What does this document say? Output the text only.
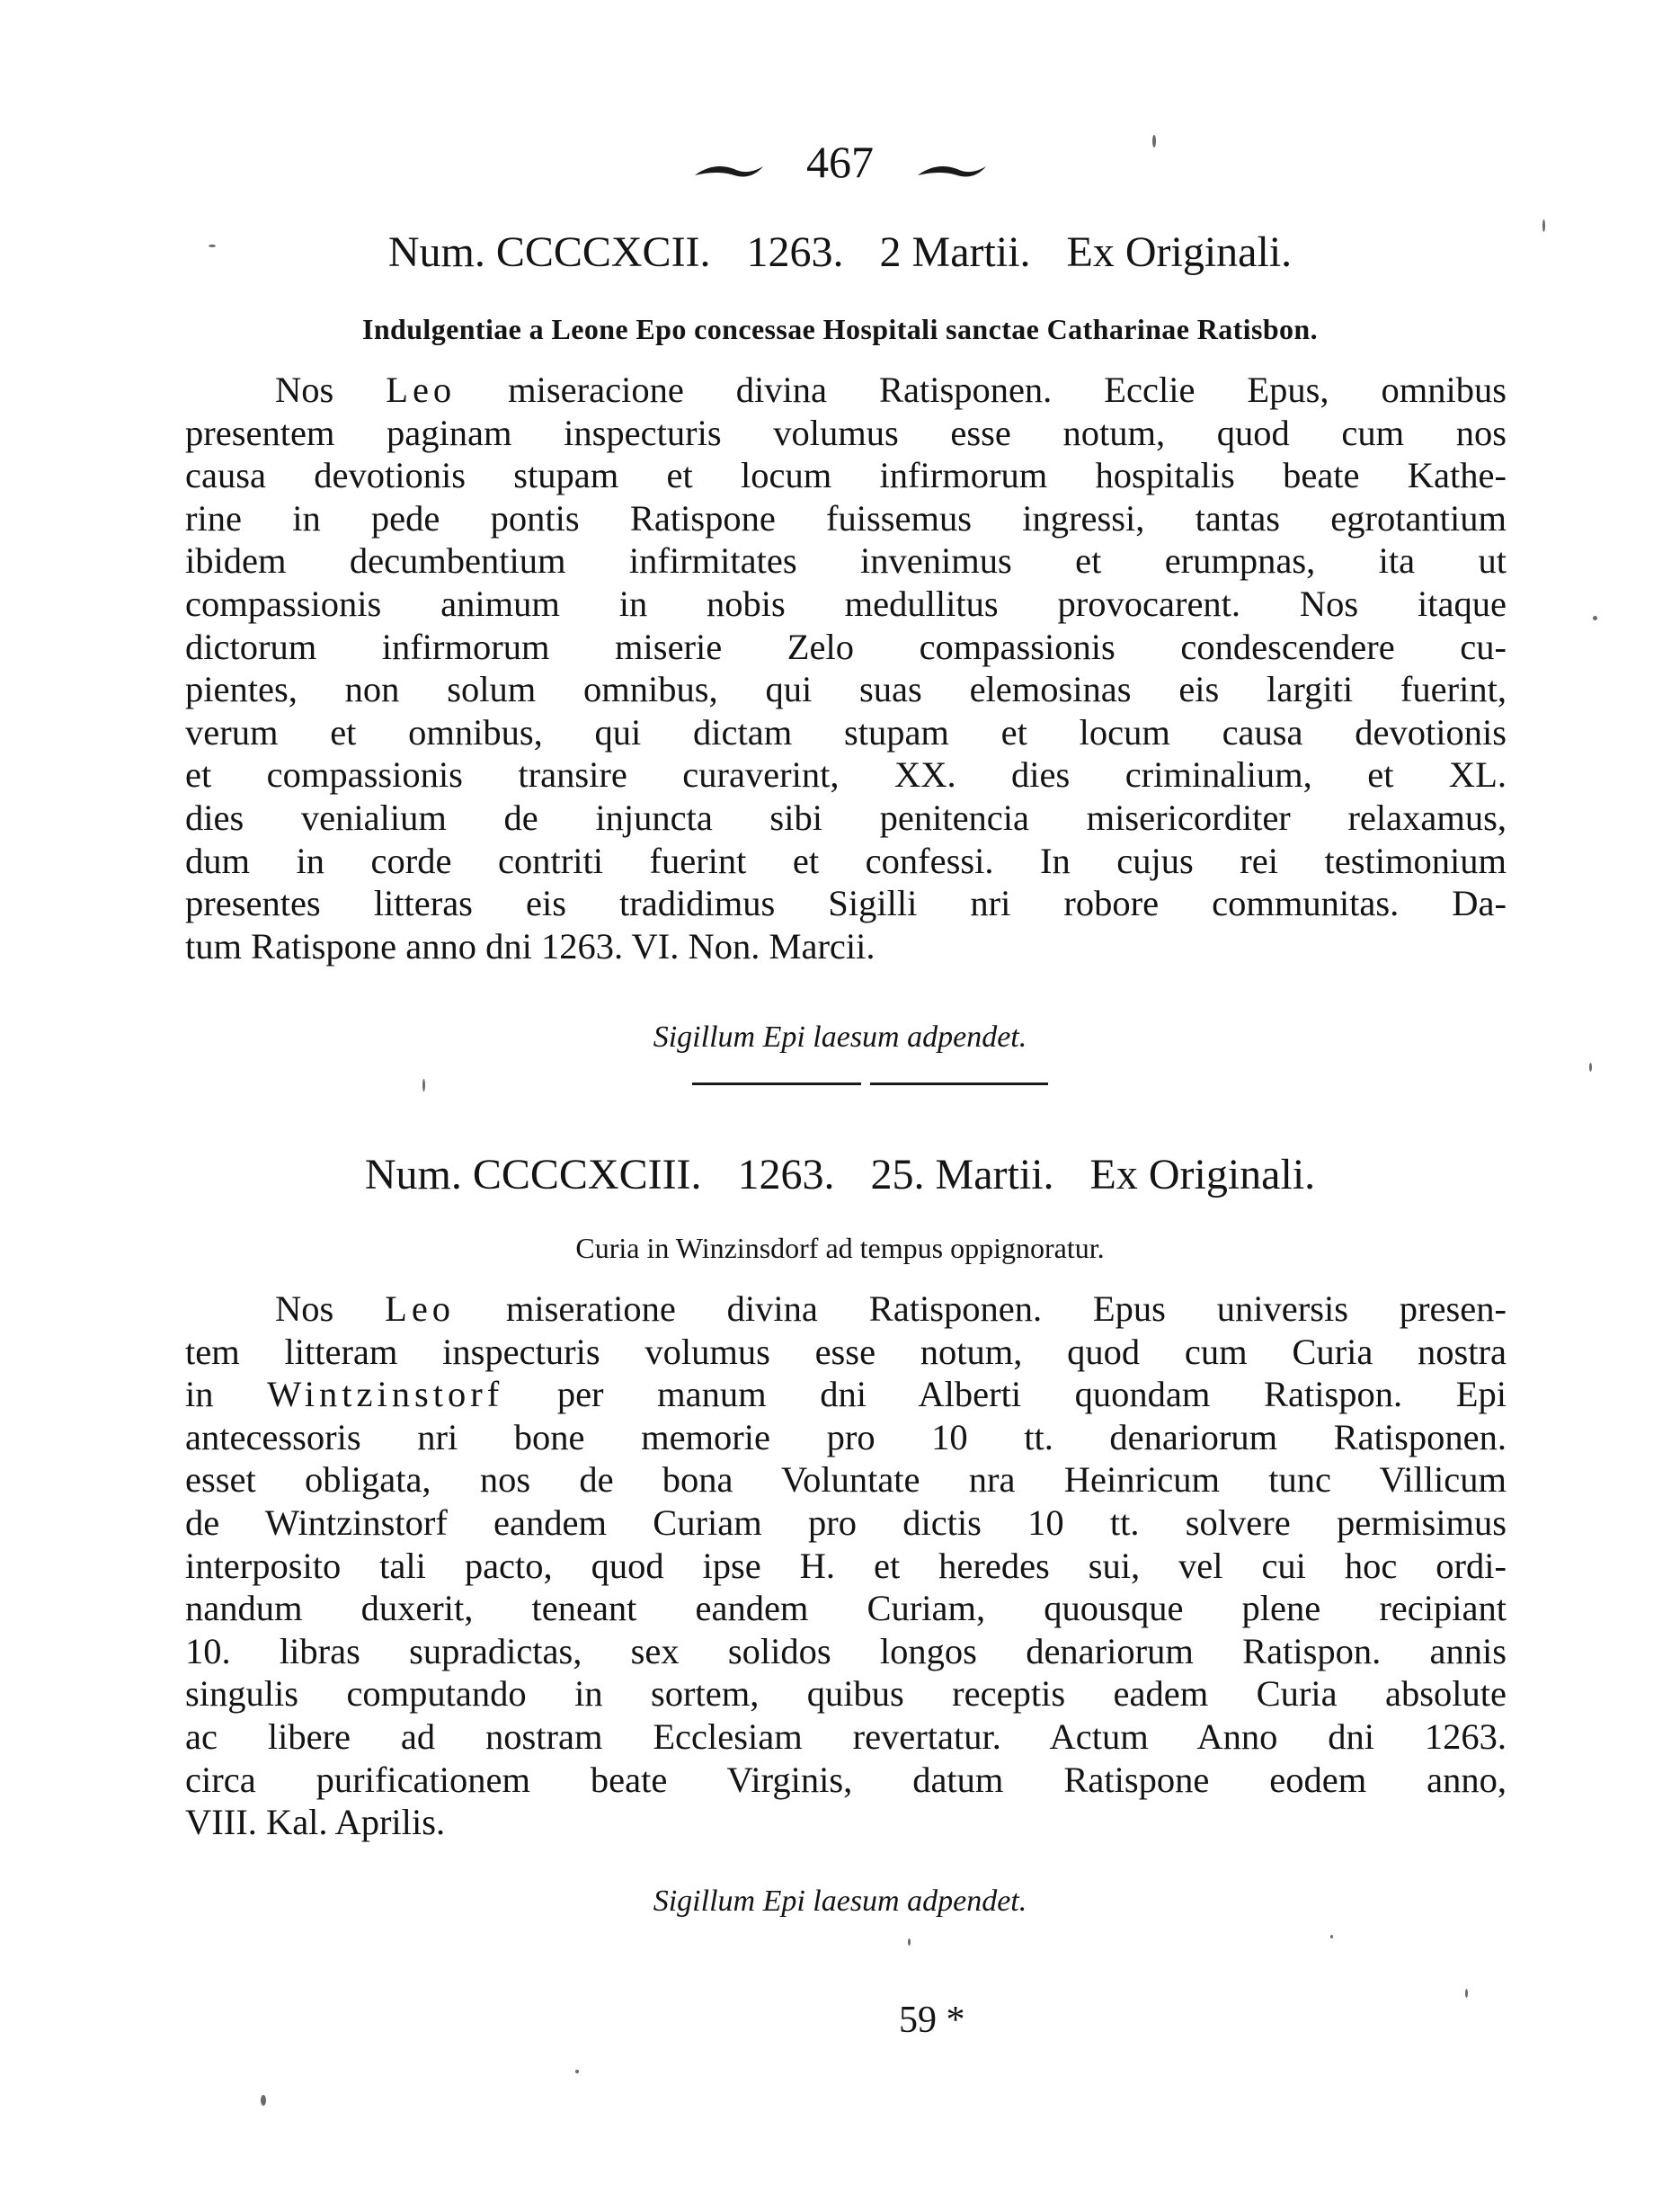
467
Num. CCCCXCII. 1263. 2 Martii. Ex Originali.
Indulgentiae a Leone Epo concessae Hospitali sanctae Catharinae Ratisbon.
Nos Leo miseracione divina Ratisponen. Ecclie Epus, omnibus
presentem paginam inspecturis volumus esse notum, quod cum nos
causa devotionis stupam et locum infirmorum hospitalis beate Kathe-
rine in pede pontis Ratispone fuissemus ingressi, tantas egrotantium
ibidem decumbentium infirmitates invenimus et erumpnas, ita ut
compassionis animum in nobis medullitus provocarent. Nos itaque
dictorum infirmorum miserie Zelo compassionis condescendere cu-
pientes, non solum omnibus, qui suas elemosinas eis largiti fuerint,
verum et omnibus, qui dictam stupam et locum causa devotionis
et compassionis transire curaverint, XX. dies criminalium, et XL.
dies venialium de injuncta sibi penitencia misericorditer relaxamus,
dum in corde contriti fuerint et confessi. In cujus rei testimonium
presentes litteras eis tradidimus Sigilli nri robore communitas. Da-
tum Ratispone anno dni 1263. VI. Non. Marcii.
Sigillum Epi laesum adpendet.
Num. CCCCXCIII. 1263. 25. Martii. Ex Originali.
Curia in Winzinsdorf ad tempus oppignoratur.
Nos Leo miseratione divina Ratisponen. Epus universis presen-
tem litteram inspecturis volumus esse notum, quod cum Curia nostra
in Wintzinstorf per manum dni Alberti quondam Ratispon. Epi
antecessoris nri bone memorie pro 10 tt. denariorum Ratisponen.
esset obligata, nos de bona Voluntate nra Heinricum tunc Villicum
de Wintzinstorf eandem Curiam pro dictis 10 tt. solvere permisimus
interposito tali pacto, quod ipse H. et heredes sui, vel cui hoc ordi-
nandum duxerit, teneant eandem Curiam, quousque plene recipiant
10. libras supradictas, sex solidos longos denariorum Ratispon. annis
singulis computando in sortem, quibus receptis eadem Curia absolute
ac libere ad nostram Ecclesiam revertatur. Actum Anno dni 1263.
circa purificationem beate Virginis, datum Ratispone eodem anno,
VIII. Kal. Aprilis.
Sigillum Epi laesum adpendet.
59 *
